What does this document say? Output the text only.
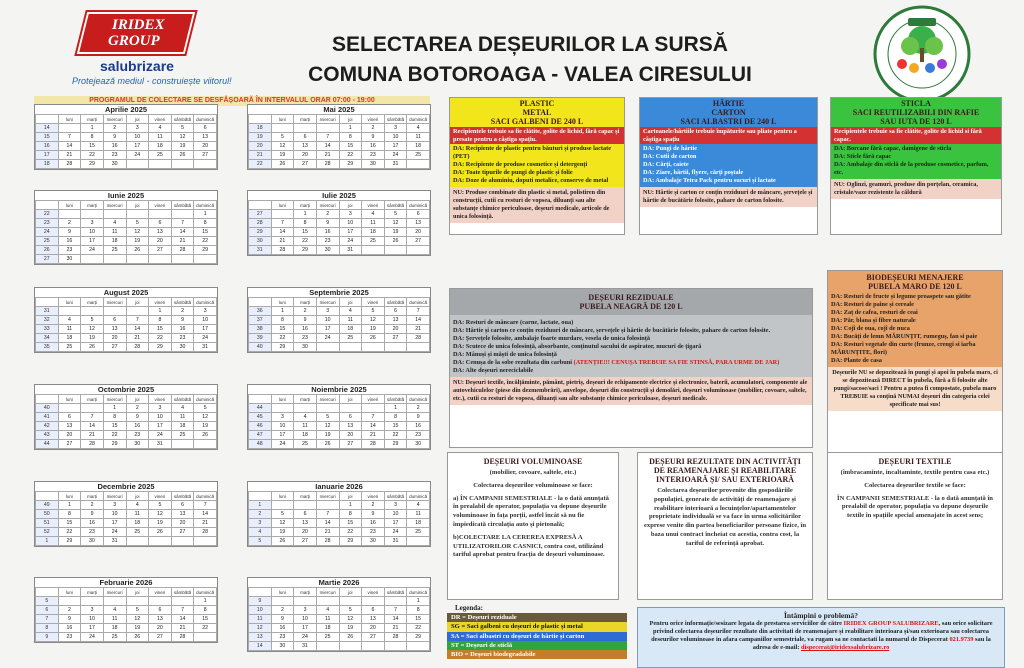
IRIDEX
GROUP
salubrizare
Protejează mediul - construiește viitorul!
SELECTAREA DEȘEURILOR LA SURSĂ
COMUNA BOTOROAGA - VALEA CIRESULUI
PROGRAMUL DE COLECTARE SE DESFĂȘOARĂ ÎN INTERVALUL ORAR 07:00 - 19:00
Aprilie 2025
	luni	marți	miercuri	joi	vineri	sâmbătă	duminică
14		1	2	3	4	5	6
15	7	8	9	10	11	12	13
16	14	15	16	17	18	19	20
17	21	22	23	24	25	26	27
18	28	29	30				
Mai 2025
	luni	marți	miercuri	joi	vineri	sâmbătă	duminică
18				1	2	3	4
19	5	6	7	8	9	10	11
20	12	13	14	15	16	17	18
21	19	20	21	22	23	24	25
22	26	27	28	29	30	31	
Iunie 2025
	luni	marți	miercuri	joi	vineri	sâmbătă	duminică
22							1
23	2	3	4	5	6	7	8
24	9	10	11	12	13	14	15
25	16	17	18	19	20	21	22
26	23	24	25	26	27	28	29
27	30						
Iulie 2025
	luni	marți	miercuri	joi	vineri	sâmbătă	duminică
27		1	2	3	4	5	6
28	7	8	9	10	11	12	13
29	14	15	16	17	18	19	20
30	21	22	23	24	25	26	27
31	28	29	30	31			
August 2025
	luni	marți	miercuri	joi	vineri	sâmbătă	duminică
31					1	2	3
32	4	5	6	7	8	9	10
33	11	12	13	14	15	16	17
34	18	19	20	21	22	23	24
35	25	26	27	28	29	30	31
Septembrie 2025
	luni	marți	miercuri	joi	vineri	sâmbătă	duminică
36	1	2	3	4	5	6	7
37	8	9	10	11	12	13	14
38	15	16	17	18	19	20	21
39	22	23	24	25	26	27	28
40	29	30					
Octombrie 2025
	luni	marți	miercuri	joi	vineri	sâmbătă	duminică
40			1	2	3	4	5
41	6	7	8	9	10	11	12
42	13	14	15	16	17	18	19
43	20	21	22	23	24	25	26
44	27	28	29	30	31		
Noiembrie 2025
	luni	marți	miercuri	joi	vineri	sâmbătă	duminică
44						1	2
45	3	4	5	6	7	8	9
46	10	11	12	13	14	15	16
47	17	18	19	20	21	22	23
48	24	25	26	27	28	29	30
Decembrie 2025
	luni	marți	miercuri	joi	vineri	sâmbătă	duminică
49	1	2	3	4	5	6	7
50	8	9	10	11	12	13	14
51	15	16	17	18	19	20	21
52	22	23	24	25	26	27	28
1	29	30	31				
Ianuarie 2026
	luni	marți	miercuri	joi	vineri	sâmbătă	duminică
1				1	2	3	4
2	5	6	7	8	9	10	11
3	12	13	14	15	16	17	18
4	19	20	21	22	23	24	25
5	26	27	28	29	30	31	
Februarie 2026
	luni	marți	miercuri	joi	vineri	sâmbătă	duminică
5							1
6	2	3	4	5	6	7	8
7	9	10	11	12	13	14	15
8	16	17	18	19	20	21	22
9	23	24	25	26	27	28	
Martie 2026
	luni	marți	miercuri	joi	vineri	sâmbătă	duminică
9							1
10	2	3	4	5	6	7	8
11	9	10	11	12	13	14	15
12	16	17	18	19	20	21	22
13	23	24	25	26	27	28	29
14	30	31					
PLASTIC
METAL
SACI GALBENI DE 240 L
Recipientele trebuie sa fie clătite, golite de lichid, fără capac și presate pentru a câștiga spațiu.
DA: Recipiente de plastic pentru băuturi și produse lactate (PET)
DA: Recipiente de produse cosmetice și detergenți
DA: Toate tipurile de pungi de plastic și folie
DA: Doze de aluminiu, doputi metalice, conserve de metal
NU: Produse combinate din plastic si metal, polistiren din construcții, cutii cu resturi de vopsea, diluanți sau alte substanțe chimice periculoase, deșeuri medicale, articole de unica folosință.
HÂRTIE
CARTON
SACI ALBASTRI DE 240 L
Cartoanele/hârtiile trebuie împăturite sau pliate pentru a câștiga spațiu
DA: Pungi de hârtie
DA: Cutii de carton
DA: Cărți, caiete
DA: Ziare, hârtii, flyere, cărți poștale
DA: Ambalaje Tetra Pack pentru sucuri și lactate
NU: Hârtie și carton ce conțin reziduuri de mâncare, șervețele și hârtie de bucătărie folosite, pahare de carton folosite.
STICLA
SACI REUTILIZABILI DIN RAFIE
SAU IUTA DE 120 L
Recipientele trebuie sa fie clătite, golite de lichid si fără capac.
DA: Borcane fără capac, damigene de sticla
DA: Sticle fără capac
DA: Ambalaje din sticlă de la produse cosmetice, parfum, etc.
NU: Oglinzi, geamuri, produse din porțelan, ceramica, cristale/vaze rezistente la căldură
DEȘEURI REZIDUALE
PUBELA NEAGRĂ DE 120 L
DA: Resturi de mâncare (carne, lactate, oua)
DA: Hârtie și carton ce conțin reziduuri de mâncare, șervețele și hârtie de bucătărie folosite, pahare de carton folosite.
DA: Șervețele folosite, ambalaje foarte murdare, vesela de unica folosință
DA: Scutece de unica folosință, absorbante, conținutul sacului de aspirator, mucuri de țigară
DA: Mânuși și măști de unica folosință
DA: Cenușa de la sobe rezultata din carbuni (ATENȚIE!!! CENUȘA TREBUIE SA FIE STINSĂ, PARA URME DE JAR)
DA: Alte deșeuri nereciclabile
NU: Deșeuri textile, încălțăminte, pământ, pietriș, deșeuri de echipamente electrice și electronice, baterii, acumulatori, componente ale autovehiculelor (piese din dezmembrări), anvelope, deșeuri din construcții și demolări, deșeuri voluminoase (mobilier, covoare, saltele, etc.), cutii cu resturi de vopsea, diluanți sau alte substanțe chimice periculoase, deșeuri medicale.
BIODEȘEURI MENAJERE
PUBELA MARO DE 120 L
DA: Resturi de fructe și legume proaspete sau gătite
DA: Resturi de paine și cereale
DA: Zaț de cafea, resturi de ceai
DA: Păr, blana și fibre naturale
DA: Cojî de oua, cojî de nuca
DA: Bucăți de lemn MĂRUNȚIT, rumeguș, fan si paie
DA: Resturi vegetale din curte (frunze, crengi si iarba MĂRUNȚITE, flori)
DA: Plante de casa
Deșeurile NU se depozitează în pungi și apoi în pubela maro, ci se depozitează DIRECT în pubela, fără a fi folosite alte pungi/sacose/saci ! Pentru a putea fi compostate, pubela maro TREBUIE sa conțină NUMAI deșeuri din categoria celei specificate mai sus!
DEȘEURI VOLUMINOASE

(mobilier, covoare, saltele, etc.)

Colectarea deșeurilor voluminoase se face:

a) ÎN CAMPANII SEMESTRIALE - la o dată anunțată în prealabil de operator, populația va depune deșeurile voluminoase în fața porții, astfel încât să nu fie împiedicată circulația auto și pietonală;

b)COLECTARE LA CEREREA EXPRESĂ A UTILIZATORILOR CASNICI, contra cost, utilizând tariful aprobat pentru fracția de deșeuri voluminoase.

DEȘEURI REZULTATE DIN ACTIVITĂȚI DE REAMENAJARE ȘI REABILITARE INTERIOARĂ ȘI/ SAU EXTERIOARĂ

Colectarea deșeurilor provenite din gospodăriile populației, generate de activități de reamenajare și reabilitare interioară a locuințelor/apartamentelor proprietate individuală se va face în urma solicitărilor exprese venite din partea beneficiarilor persoane fizice, în baza unui contract încheiat cu acestia, contra cost, la tariful de referință aprobat.

DEȘEURI TEXTILE

(îmbracaminte, incaltaminte, textile pentru casa etc.)

Colectarea deșeurilor textile se face:

ÎN CAMPANII SEMESTRIALE - la o dată anunțată în prealabil de operator, populația va depune deșeurile textile în spațiile special amenajate în acest sens;

Legenda:
DR = Deșeuri reziduale
SG = Saci galbeni cu deșeuri de plastic și metal
SA = Saci albastri cu deșeuri de hârtie și carton
ST = Deșeuri de sticlă
BIO = Deșeuri biodegradabile
Întâmpini o problemă?

Pentru orice informație/sesizare legata de prestarea serviciilor de către IRIDEX GROUP SALUBRIZARE, sau orice solicitare privind colectarea deșeurilor rezultate din activitati de reamenajare și reabilitare interioara și/sau exterioara sau colectarea deseurilor voluminoase in afara campaniilor semestriale, va rugam sa ne contactati la numarul de Dispecerat 021.9739 sau la adresa de e-mail: dispecerat@iridexsalubrizare.ro
